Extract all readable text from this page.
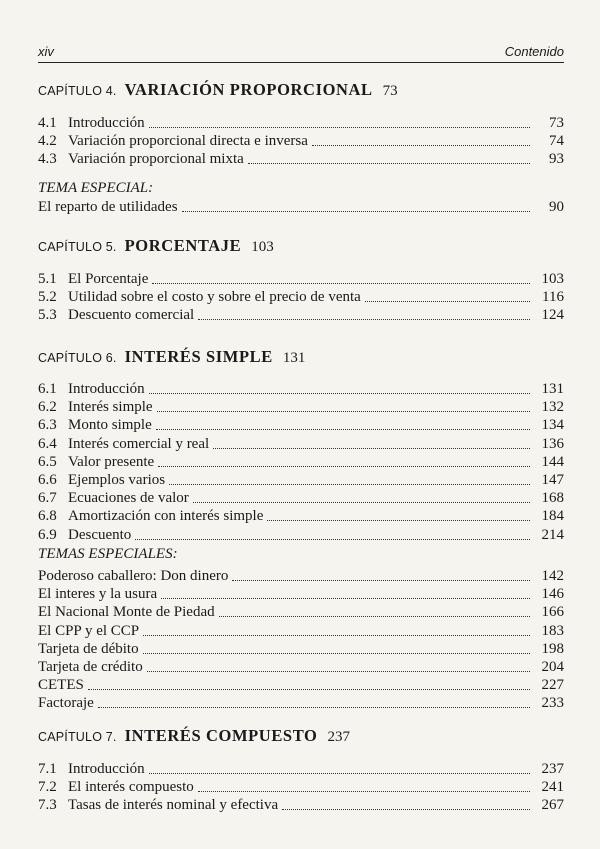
xiv	Contenido
CAPÍTULO 4. VARIACIÓN PROPORCIONAL 73
4.1 Introducción	73
4.2 Variación proporcional directa e inversa	74
4.3 Variación proporcional mixta	93
TEMA ESPECIAL:
El reparto de utilidades	90
CAPÍTULO 5. PORCENTAJE 103
5.1 El Porcentaje	103
5.2 Utilidad sobre el costo y sobre el precio de venta	116
5.3 Descuento comercial	124
CAPÍTULO 6. INTERÉS SIMPLE 131
6.1 Introducción	131
6.2 Interés simple	132
6.3 Monto simple	134
6.4 Interés comercial y real	136
6.5 Valor presente	144
6.6 Ejemplos varios	147
6.7 Ecuaciones de valor	168
6.8 Amortización con interés simple	184
6.9 Descuento	214
TEMAS ESPECIALES:
Poderoso caballero: Don dinero	142
El interes y la usura	146
El Nacional Monte de Piedad	166
El CPP y el CCP	183
Tarjeta de débito	198
Tarjeta de crédito	204
CETES	227
Factoraje	233
CAPÍTULO 7. INTERÉS COMPUESTO 237
7.1 Introducción	237
7.2 El interés compuesto	241
7.3 Tasas de interés nominal y efectiva	267
